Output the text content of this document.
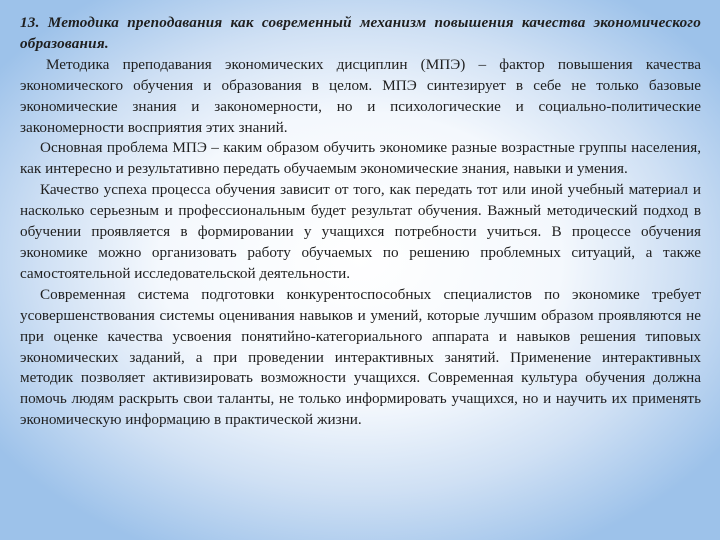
13. Методика преподавания как современный механизм повышения качества экономического образования.

Методика преподавания экономических дисциплин (МПЭ) – фактор повышения качества экономического обучения и образования в целом. МПЭ синтезирует в себе не только базовые экономические знания и закономерности, но и психологические и социально-политические закономерности восприятия этих знаний.

Основная проблема МПЭ – каким образом обучить экономике разные возрастные группы населения, как интересно и результативно передать обучаемым экономические знания, навыки и умения.

Качество успеха процесса обучения зависит от того, как передать тот или иной учебный материал и насколько серьезным и профессиональным будет результат обучения. Важный методический подход в обучении проявляется в формировании у учащихся потребности учиться. В процессе обучения экономике можно организовать работу обучаемых по решению проблемных ситуаций, а также самостоятельной исследовательской деятельности.

Современная система подготовки конкурентоспособных специалистов по экономике требует усовершенствования системы оценивания навыков и умений, которые лучшим образом проявляются не при оценке качества усвоения понятийно-категориального аппарата и навыков решения типовых экономических заданий, а при проведении интерактивных занятий. Применение интерактивных методик позволяет активизировать возможности учащихся. Современная культура обучения должна помочь людям раскрыть свои таланты, не только информировать учащихся, но и научить их применять экономическую информацию в практической жизни.
